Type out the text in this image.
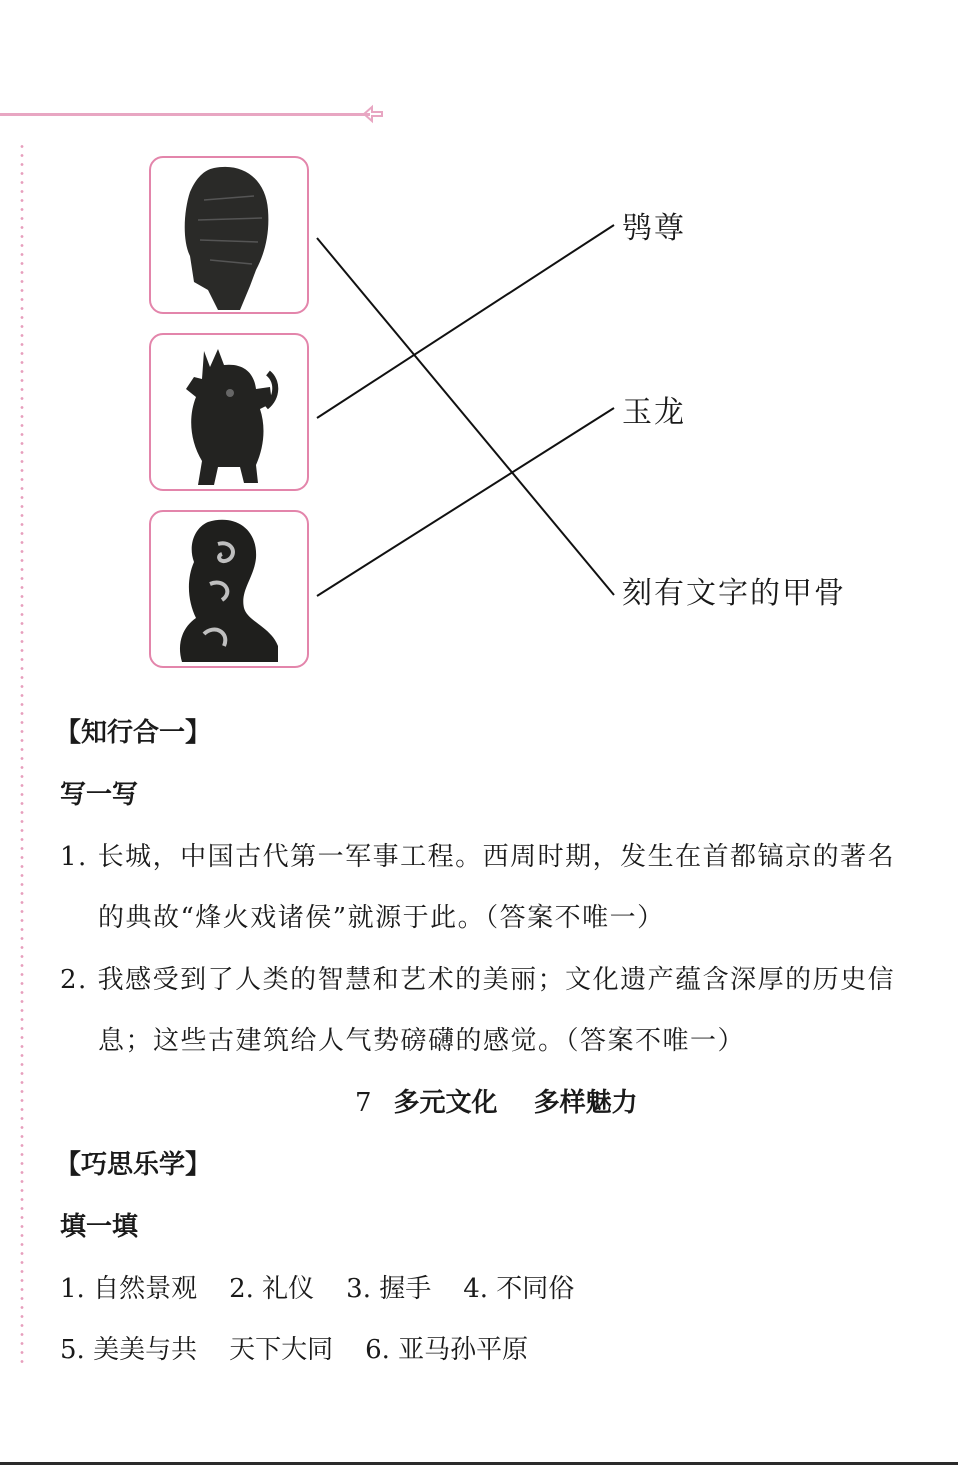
鸮尊
玉龙
刻有文字的甲骨
【知行合一】
写一写
1. 长城，中国古代第一军事工程。西周时期，发生在首都镐京的著名
的典故“烽火戏诸侯”就源于此。（答案不唯一）
2. 我感受到了人类的智慧和艺术的美丽；文化遗产蕴含深厚的历史信
息；这些古建筑给人气势磅礴的感觉。（答案不唯一）
7 多元文化 多样魅力
【巧思乐学】
填一填
1. 自然景观 2. 礼仪 3. 握手 4. 不同俗
5. 美美与共 天下大同 6. 亚马孙平原
